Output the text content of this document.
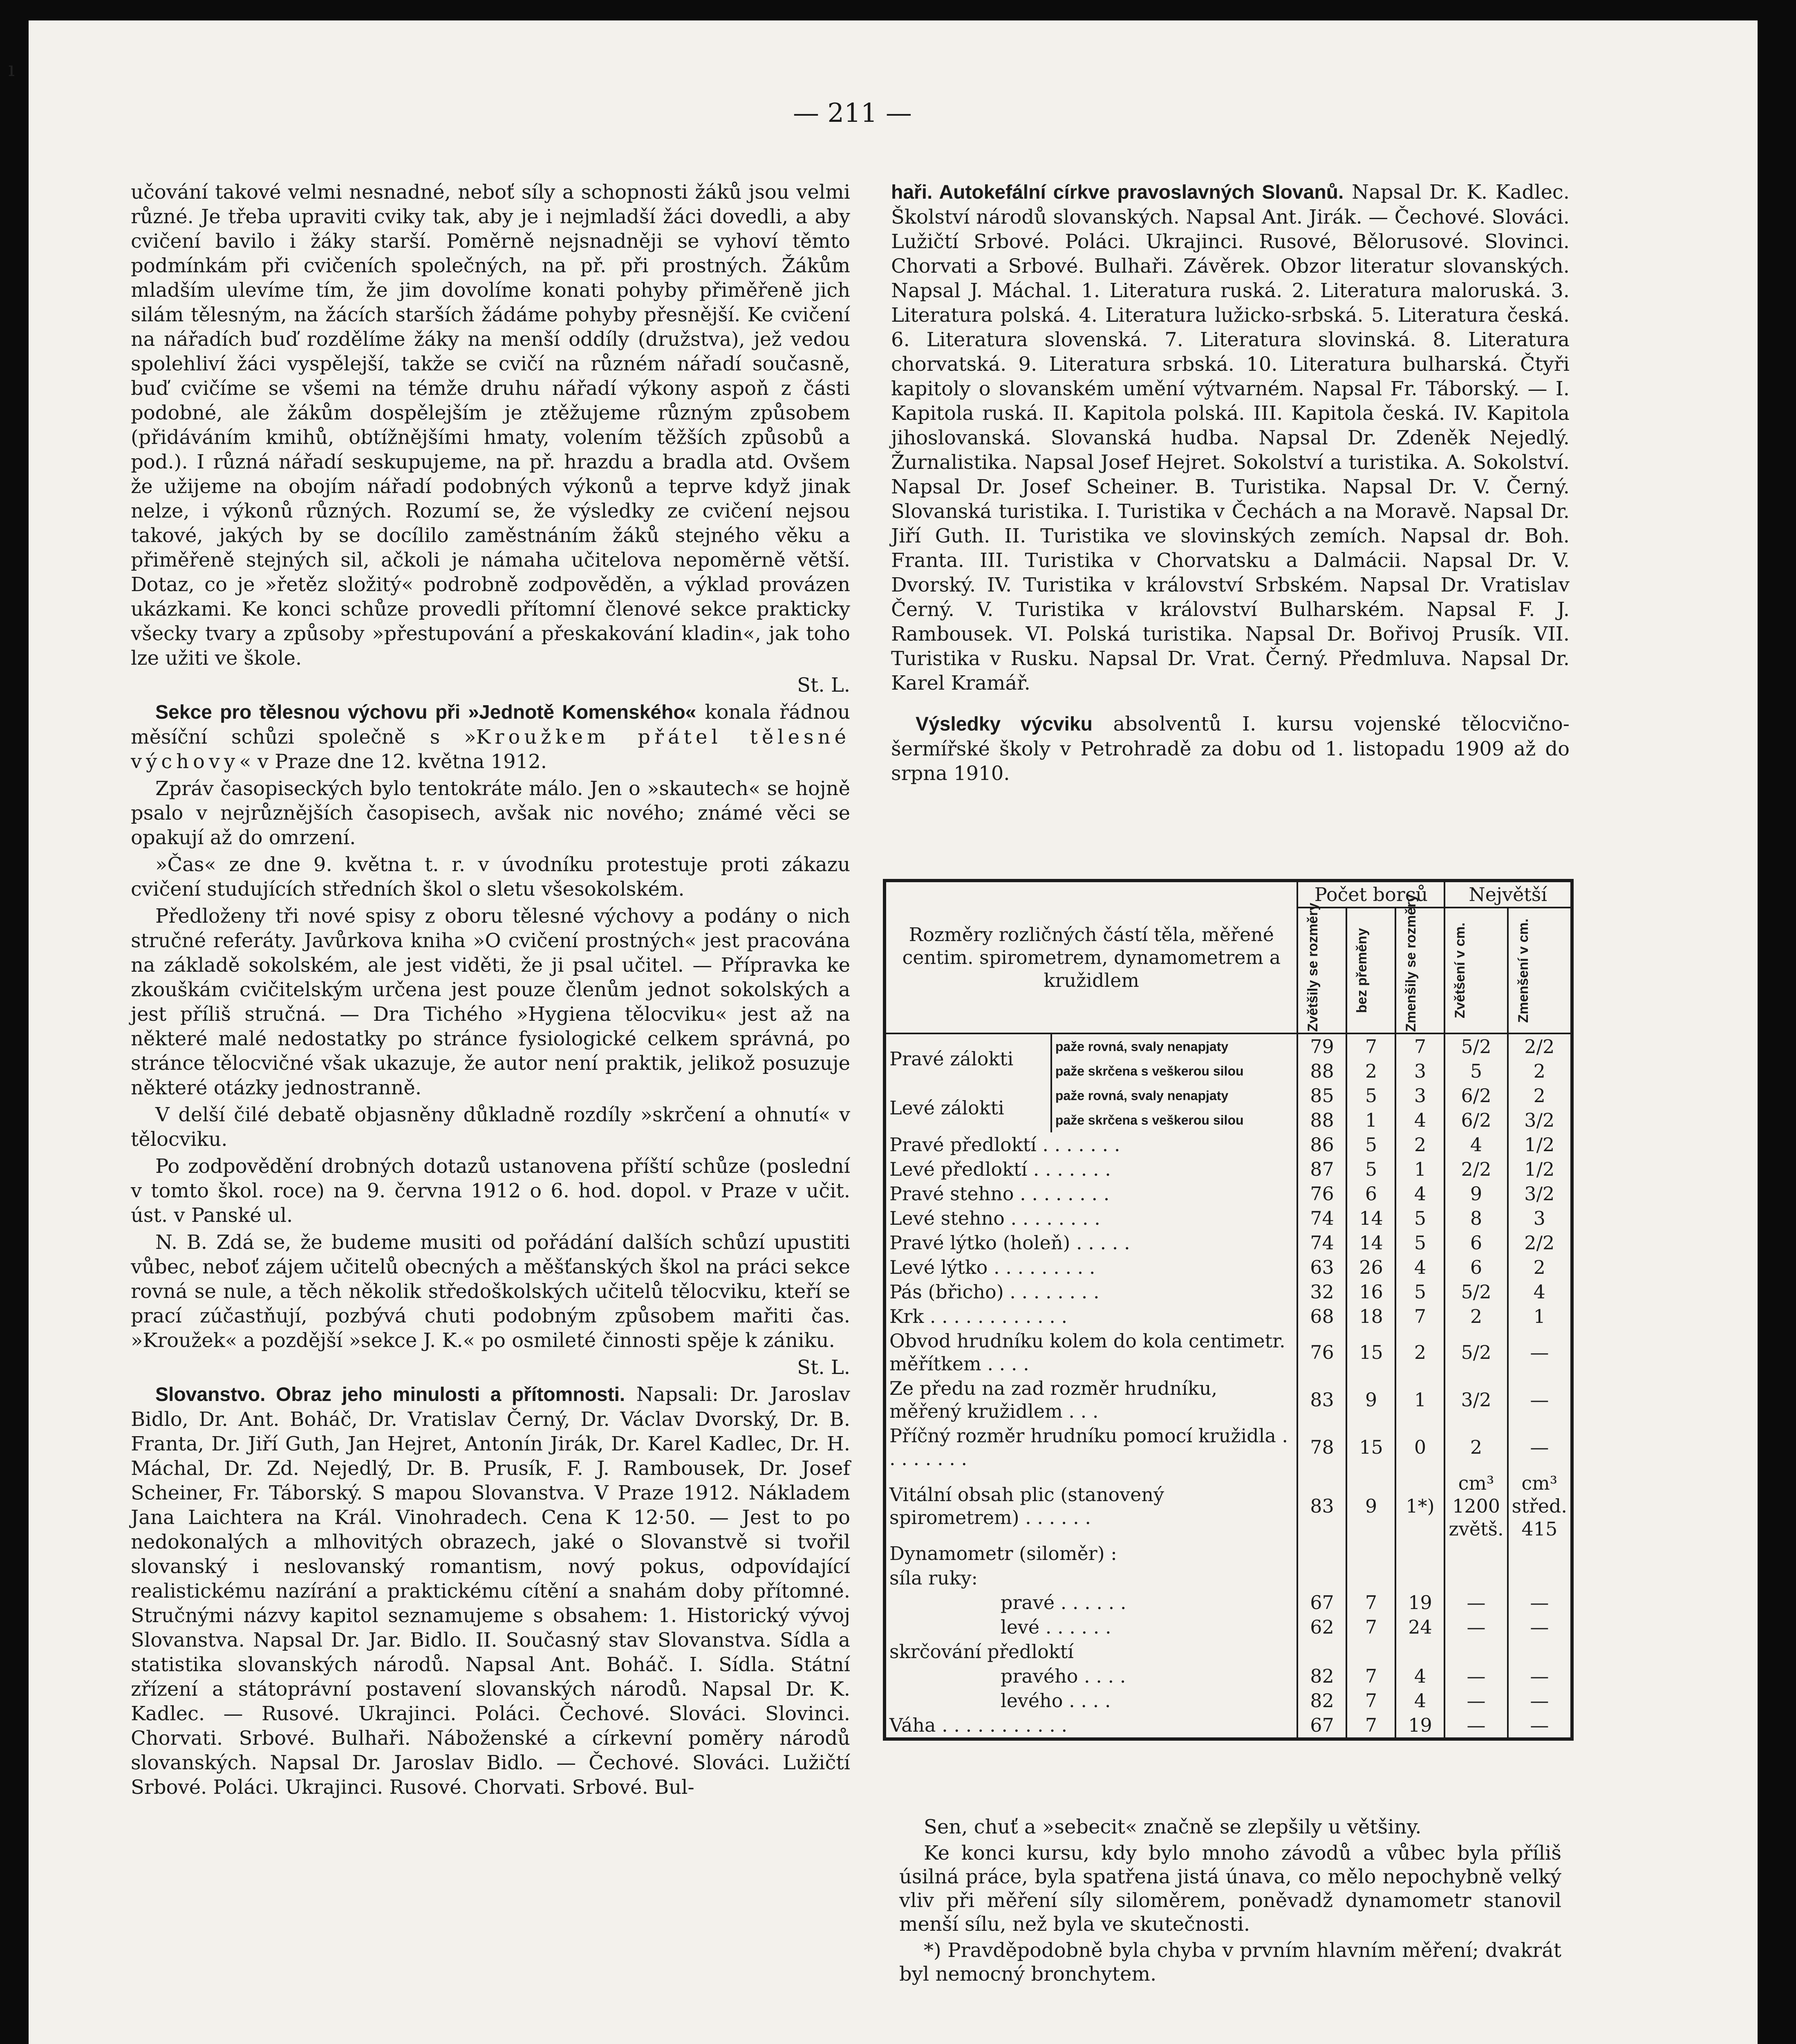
— 211 —

učování takové velmi nesnadné, neboť síly a schopnosti žáků jsou velmi různé. Je třeba upraviti cviky tak, aby je i nejmladší žáci dovedli, a aby cvičení bavilo i žáky starší. Poměrně nejsnadněji se vyhoví těmto podmínkám při cvičeních společných, na př. při prostných. Žákům mladším ulevíme tím, že jim dovolíme konati pohyby přiměřeně jich silám tělesným, na žácích starších žádáme pohyby přesnější. Ke cvičení na nářadích buď rozdělíme žáky na menší oddíly (družstva), jež vedou spolehliví žáci vyspělejší, takže se cvičí na různém nářadí současně, buď cvičíme se všemi na témže druhu nářadí výkony aspoň z části podobné, ale žákům dospělejším je ztěžujeme různým způsobem (přidáváním kmihů, obtížnějšími hmaty, volením těžších způsobů a pod.). I různá nářadí seskupujeme, na př. hrazdu a bradla atd. Ovšem že užijeme na obojím nářadí podobných výkonů a teprve když jinak nelze, i výkonů různých. Rozumí se, že výsledky ze cvičení nejsou takové, jakých by se docílilo zaměstnáním žáků stejného věku a přiměřeně stejných sil, ačkoli je námaha učitelova nepoměrně větší. Dotaz, co je »řetěz složitý« podrobně zodpověděn, a výklad provázen ukázkami. Ke konci schůze provedli přítomní členové sekce prakticky všecky tvary a způsoby »přestupování a přeskakování kladin«, jak toho lze užiti ve škole.

St. L.

Sekce pro tělesnou výchovu při »Jednotě Komenského« konala řádnou měsíční schůzi společně s »Kroužkem přátel tělesné výchovy« v Praze dne 12. května 1912.

Zpráv časopiseckých bylo tentokráte málo. Jen o »skautech« se hojně psalo v nejrůznějších časopisech, avšak nic nového; známé věci se opakují až do omrzení.

»Čas« ze dne 9. května t. r. v úvodníku protestuje proti zákazu cvičení studujících středních škol o sletu všesokolském.

Předloženy tři nové spisy z oboru tělesné výchovy a podány o nich stručné referáty. Javůrkova kniha »O cvičení prostných« jest pracována na základě sokolském, ale jest viděti, že ji psal učitel. — Přípravka ke zkouškám cvičitelským určena jest pouze členům jednot sokolských a jest příliš stručná. — Dra Tichého »Hygiena tělocviku« jest až na některé malé nedostatky po stránce fysiologické celkem správná, po stránce tělocvičné však ukazuje, že autor není praktik, jelikož posuzuje některé otázky jednostranně.

V delší čilé debatě objasněny důkladně rozdíly »skrčení a ohnutí« v tělocviku.

Po zodpovědění drobných dotazů ustanovena příští schůze (poslední v tomto škol. roce) na 9. června 1912 o 6. hod. dopol. v Praze v učit. úst. v Panské ul.

N. B. Zdá se, že budeme musiti od pořádání dalších schůzí upustiti vůbec, neboť zájem učitelů obecných a měšťanských škol na práci sekce rovná se nule, a těch několik středoškolských učitelů tělocviku, kteří se prací zúčastňují, pozbývá chuti podobným způsobem mařiti čas. »Kroužek« a pozdější »sekce J. K.« po osmileté činnosti spěje k zániku.

St. L.

Slovanstvo. Obraz jeho minulosti a přítomnosti. Napsali: Dr. Jaroslav Bidlo, Dr. Ant. Boháč, Dr. Vratislav Černý, Dr. Václav Dvorský, Dr. B. Franta, Dr. Jiří Guth, Jan Hejret, Antonín Jirák, Dr. Karel Kadlec, Dr. H. Máchal, Dr. Zd. Nejedlý, Dr. B. Prusík, F. J. Rambousek, Dr. Josef Scheiner, Fr. Táborský. S mapou Slovanstva. V Praze 1912. Nákladem Jana Laichtera na Král. Vinohradech. Cena K 12·50. — Jest to po nedokonalých a mlhovitých obrazech, jaké o Slovanstvě si tvořil slovanský i neslovanský romantism, nový pokus, odpovídající realistickému nazírání a praktickému cítění a snahám doby přítomné. Stručnými názvy kapitol seznamujeme s obsahem: 1. Historický vývoj Slovanstva. Napsal Dr. Jar. Bidlo. II. Současný stav Slovanstva. Sídla a statistika slovanských národů. Napsal Ant. Boháč. I. Sídla. Státní zřízení a státoprávní postavení slovanských národů. Napsal Dr. K. Kadlec. — Rusové. Ukrajinci. Poláci. Čechové. Slováci. Slovinci. Chorvati. Srbové. Bulhaři. Náboženské a církevní poměry národů slovanských. Napsal Dr. Jaroslav Bidlo. — Čechové. Slováci. Lužičtí Srbové. Poláci. Ukrajinci. Rusové. Chorvati. Srbové. Bul-

haři. Autokefální církve pravoslavných Slovanů. Napsal Dr. K. Kadlec. Školství národů slovanských. Napsal Ant. Jirák. — Čechové. Slováci. Lužičtí Srbové. Poláci. Ukrajinci. Rusové, Bělorusové. Slovinci. Chorvati a Srbové. Bulhaři. Závěrek. Obzor literatur slovanských. Napsal J. Máchal. 1. Literatura ruská. 2. Literatura maloruská. 3. Literatura polská. 4. Literatura lužicko-srbská. 5. Literatura česká. 6. Literatura slovenská. 7. Literatura slovinská. 8. Literatura chorvatská. 9. Literatura srbská. 10. Literatura bulharská. Čtyři kapitoly o slovanském umění výtvarném. Napsal Fr. Táborský. — I. Kapitola ruská. II. Kapitola polská. III. Kapitola česká. IV. Kapitola jihoslovanská. Slovanská hudba. Napsal Dr. Zdeněk Nejedlý. Žurnalistika. Napsal Josef Hejret. Sokolství a turistika. A. Sokolství. Napsal Dr. Josef Scheiner. B. Turistika. Napsal Dr. V. Černý. Slovanská turistika. I. Turistika v Čechách a na Moravě. Napsal Dr. Jiří Guth. II. Turistika ve slovinských zemích. Napsal dr. Boh. Franta. III. Turistika v Chorvatsku a Dalmácii. Napsal Dr. V. Dvorský. IV. Turistika v království Srbském. Napsal Dr. Vratislav Černý. V. Turistika v království Bulharském. Napsal F. J. Rambousek. VI. Polská turistika. Napsal Dr. Bořivoj Prusík. VII. Turistika v Rusku. Napsal Dr. Vrat. Černý. Předmluva. Napsal Dr. Karel Kramář.

Výsledky výcviku absolventů I. kursu vojenské tělocvično-šermířské školy v Petrohradě za dobu od 1. listopadu 1909 až do srpna 1910.

Rozměry rozličných částí těla, měřené centim. spirometrem, dynamometrem a kružidlem		Počet borců			Největší	

		Zvětšily se rozměry	bez přeměny	Zmenšily se rozměry	Zvětšení v cm.	Zmenšení v cm.

Pravé zálokti	paže rovná, svaly nenapjaty	79	7	7	5/2	2/2
	paže skrčena s veškerou silou	88	2	3	5	2
Levé zálokti	paže rovná, svaly nenapjaty	85	5	3	6/2	2
	paže skrčena s veškerou silou	88	1	4	6/2	3/2
Pravé předloktí . . . . . . .		86	5	2	4	1/2
Levé předloktí . . . . . . .		87	5	1	2/2	1/2
Pravé stehno . . . . . . . .		76	6	4	9	3/2
Levé stehno . . . . . . . .		74	14	5	8	3
Pravé lýtko (holeň) . . . . .		74	14	5	6	2/2
Levé lýtko . . . . . . . . .		63	26	4	6	2
Pás (břicho) . . . . . . . .		32	16	5	5/2	4
Krk . . . . . . . . . . . .		68	18	7	2	1
Obvod hrudníku kolem do kola centimetr. měřítkem . . . .		76	15	2	5/2	—
Ze předu na zad rozměr hrudníku, měřený kružidlem . . .		83	9	1	3/2	—
Příčný rozměr hrudníku pomocí kružidla . . . . . . . .		78	15	0	2	—
Vitální obsah plic (stanovený spirometrem) . . . . . .		83	9	1*)	cm³ 1200 zvětš.	cm³ střed. 415
Dynamometr (siloměr) :						
síla ruky:						
pravé . . . . . .		67	7	19	—	—
levé . . . . . .		62	7	24	—	—
skrčování předloktí						
pravého . . . .		82	7	4	—	—
levého . . . .		82	7	4	—	—
Váha . . . . . . . . . . .		67	7	19	—	—

Sen, chuť a »sebecit« značně se zlepšily u většiny.

Ke konci kursu, kdy bylo mnoho závodů a vůbec byla příliš úsilná práce, byla spatřena jistá únava, co mělo nepochybně velký vliv při měření síly siloměrem, poněvadž dynamometr stanovil menší sílu, než byla ve skutečnosti.

*) Pravděpodobně byla chyba v prvním hlavním měření; dvakrát byl nemocný bronchytem.

ı
